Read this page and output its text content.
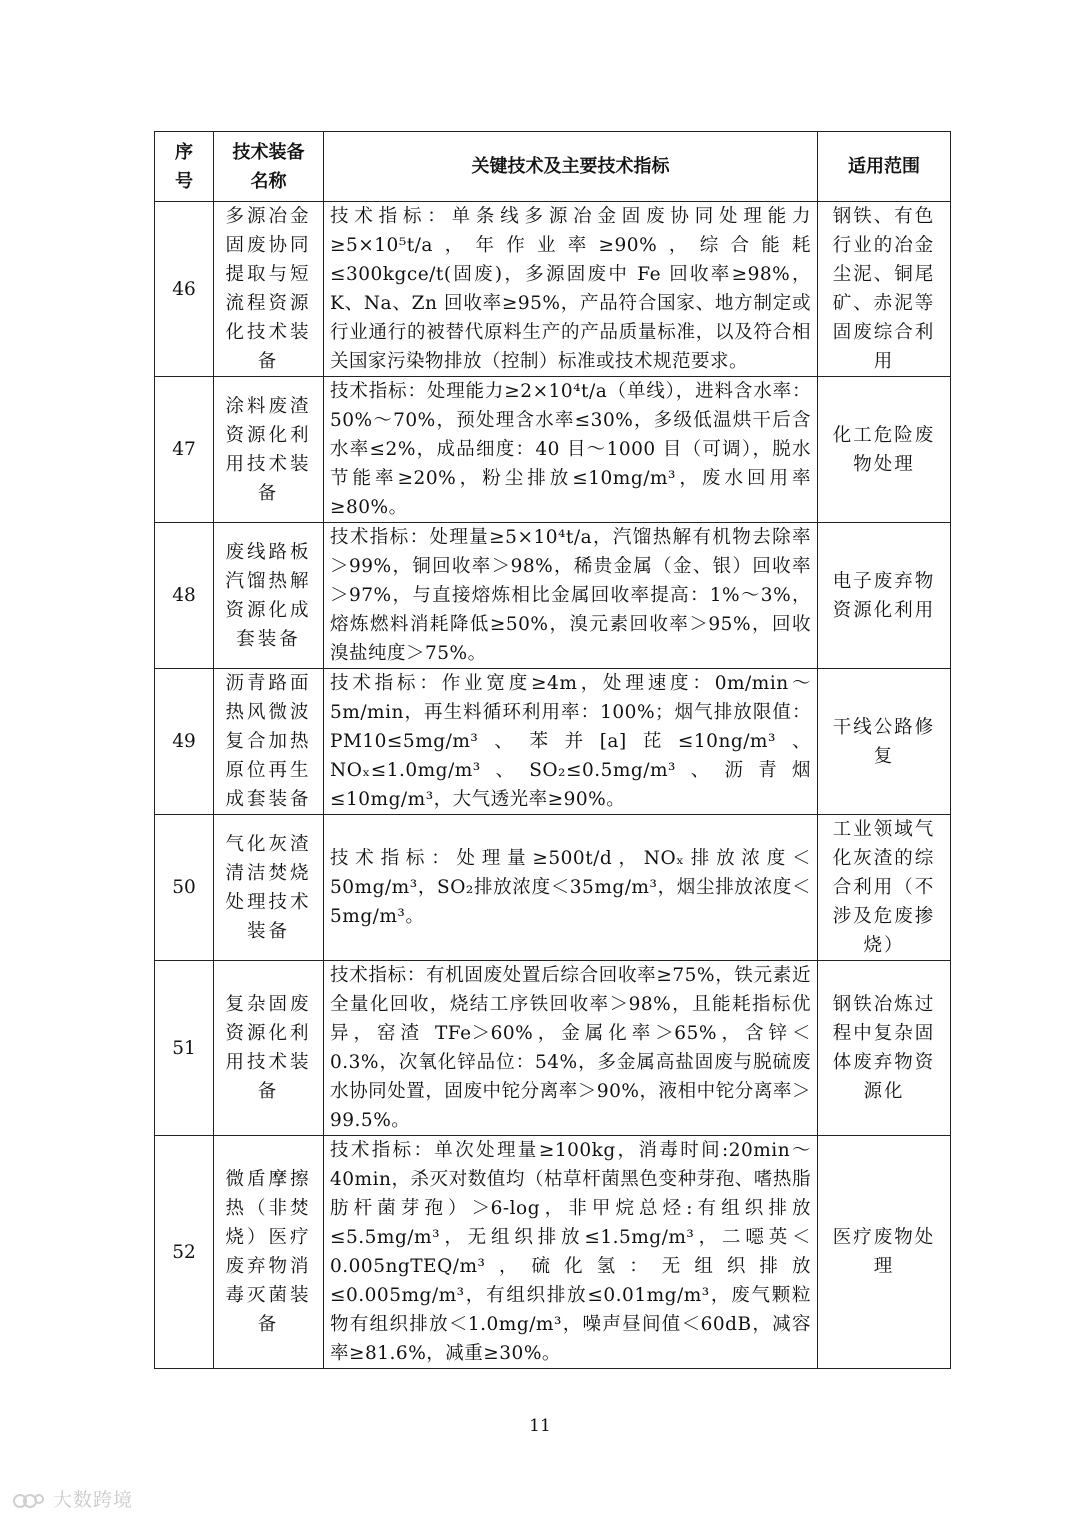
序号	技术装备名称	关键技术及主要技术指标	适用范围
46	多源冶金固废协同提取与短流程资源化技术装备	技术指标：单条线多源冶金固废协同处理能力≥5×10⁵t/a，年作业率≥90%，综合能耗≤300kgce/t(固废)，多源固废中 Fe 回收率≥98%，K、Na、Zn 回收率≥95%，产品符合国家、地方制定或行业通行的被替代原料生产的产品质量标准，以及符合相关国家污染物排放（控制）标准或技术规范要求。	钢铁、有色行业的冶金尘泥、铜尾矿、赤泥等固废综合利用
47	涂料废渣资源化利用技术装备	技术指标：处理能力≥2×10⁴t/a（单线），进料含水率：50%～70%，预处理含水率≤30%，多级低温烘干后含水率≤2%，成品细度：40 目～1000 目（可调），脱水节能率≥20%，粉尘排放≤10mg/m³，废水回用率≥80%。	化工危险废物处理
48	废线路板汽馏热解资源化成套装备	技术指标：处理量≥5×10⁴t/a，汽馏热解有机物去除率＞99%，铜回收率＞98%，稀贵金属（金、银）回收率＞97%，与直接熔炼相比金属回收率提高：1%～3%，熔炼燃料消耗降低≥50%，溴元素回收率＞95%，回收溴盐纯度＞75%。	电子废弃物资源化利用
49	沥青路面热风微波复合加热原位再生成套装备	技术指标：作业宽度≥4m，处理速度：0m/min～5m/min，再生料循环利用率：100%；烟气排放限值：PM10≤5mg/m³、苯并[a]芘≤10ng/m³、NOₓ≤1.0mg/m³、SO₂≤0.5mg/m³、沥青烟≤10mg/m³，大气透光率≥90%。	干线公路修复
50	气化灰渣清洁焚烧处理技术装备	技术指标：处理量≥500t/d，NOₓ排放浓度＜50mg/m³，SO₂排放浓度＜35mg/m³，烟尘排放浓度＜5mg/m³。	工业领域气化灰渣的综合利用（不涉及危废掺烧）
51	复杂固废资源化利用技术装备	技术指标：有机固废处置后综合回收率≥75%，铁元素近全量化回收，烧结工序铁回收率＞98%，且能耗指标优异，窑渣 TFe＞60%，金属化率＞65%，含锌＜0.3%，次氧化锌品位：54%，多金属高盐固废与脱硫废水协同处置，固废中铊分离率＞90%，液相中铊分离率＞99.5%。	钢铁冶炼过程中复杂固体废弃物资源化
52	微盾摩擦热（非焚烧）医疗废弃物消毒灭菌装备	技术指标：单次处理量≥100kg，消毒时间:20min～40min，杀灭对数值均（枯草杆菌黑色变种芽孢、嗜热脂肪杆菌芽孢）＞6-log，非甲烷总烃:有组织排放≤5.5mg/m³，无组织排放≤1.5mg/m³，二噁英＜0.005ngTEQ/m³，硫化氢：无组织排放≤0.005mg/m³，有组织排放≤0.01mg/m³，废气颗粒物有组织排放＜1.0mg/m³，噪声昼间值＜60dB，减容率≥81.6%，减重≥30%。	医疗废物处理
11
大数跨境
